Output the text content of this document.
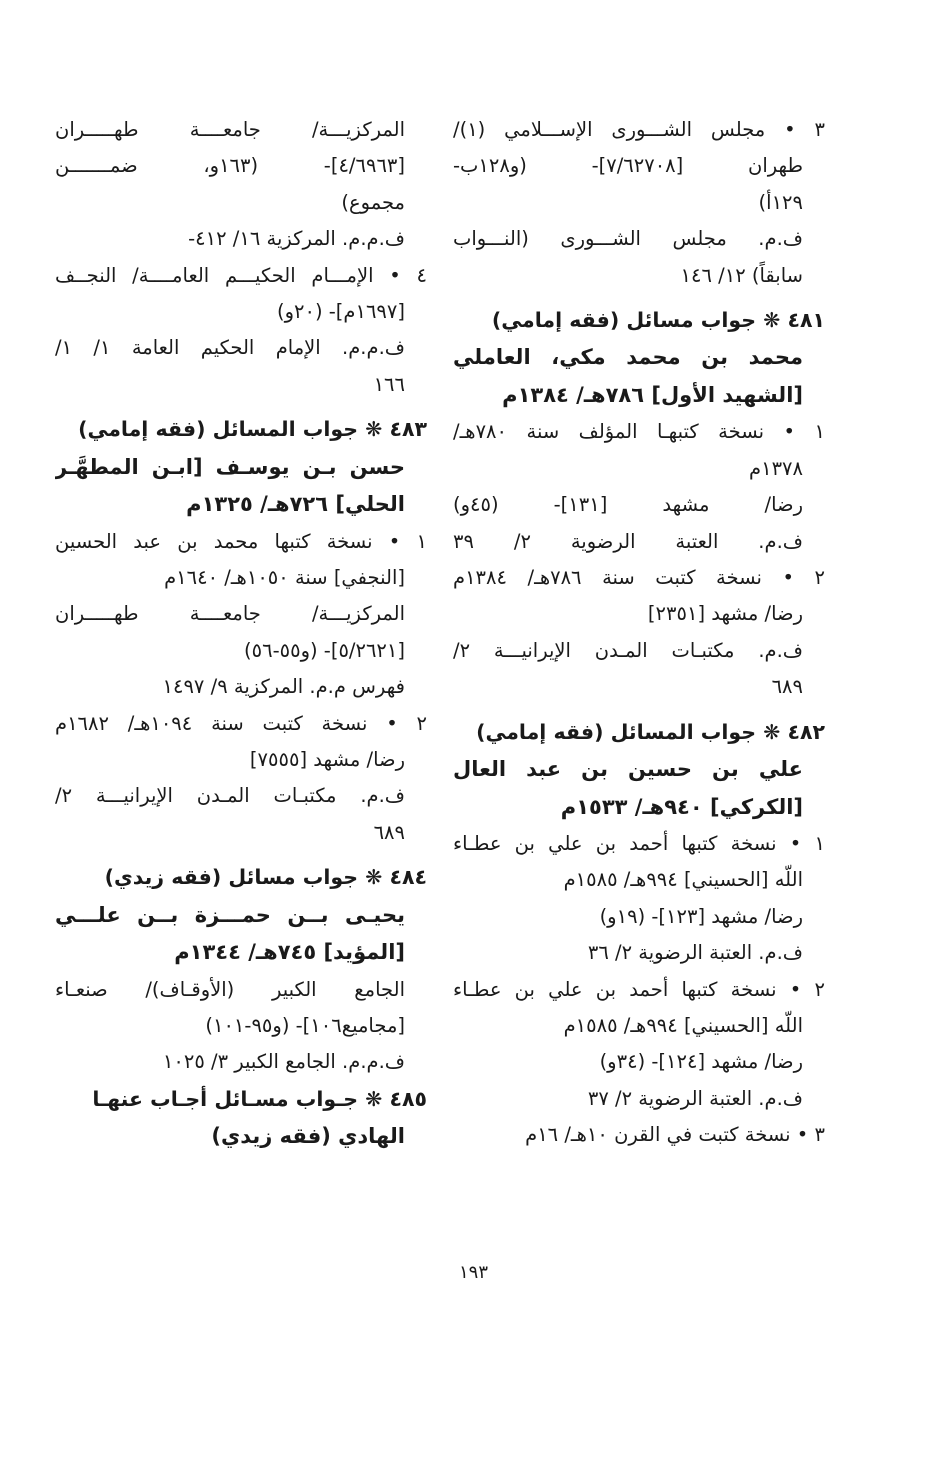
٣ • مجلس الشـــورى الإســـلامي (١)/
طهران [٧/٦٢٧٠٨]- (و١٢٨ب-
١٢٩أ)
ف.م. مجلس الشـــورى (النـــواب
سابقاً) ١٢/ ١٤٦
٤٨١ ❋ جواب مسائل (فقه إمامي)
محمد بن محمد مكي، العاملي
[الشهيد الأول] ٧٨٦هـ/ ١٣٨٤م
١ • نسخة كتبهـا المؤلف سنة ٧٨٠هـ/
١٣٧٨م
رضا/ مشهد [١٣١]- (٤٥و)
ف.م. العتبة الرضوية ٢/ ٣٩
٢ • نسخة كتبت سنة ٧٨٦هـ/ ١٣٨٤م
رضا/ مشهد [٢٣٥١]
ف.م. مكتبـات المـدن الإيرانيـــة ٢/
٦٨٩
٤٨٢ ❋ جواب المسائل (فقه إمامي)
علي بن حسين بن عبد العال
[الكركي] ٩٤٠هـ/ ١٥٣٣م
١ • نسخة كتبها أحمد بن علي بن عطـاء
اللّه [الحسيني] ٩٩٤هـ/ ١٥٨٥م
رضا/ مشهد [١٢٣]- (١٩و)
ف.م. العتبة الرضوية ٢/ ٣٦
٢ • نسخة كتبها أحمد بن علي بن عطـاء
اللّه [الحسيني] ٩٩٤هـ/ ١٥٨٥م
رضا/ مشهد [١٢٤]- (٣٤و)
ف.م. العتبة الرضوية ٢/ ٣٧
٣ • نسخة كتبت في القرن ١٠هـ/ ١٦م
المركزيـــة/ جامعــــة طهـــــران
[٤/٦٩٦٣]- (١٦٣و، ضمـــــــن
مجموع)
ف.م.م. المركزية ١٦/ ٤١٢-
٤ • الإمـــام الحكيـــم العامــــة/ النجــف
[١٦٩٧م]- (٢٠و)
ف.م.م. الإمام الحكيم العامة ١/ ١/
١٦٦
٤٨٣ ❋ جواب المسائل (فقه إمامي)
حسن بـن يوسـف [ابـن المطهَّـر
الحلي] ٧٢٦هـ/ ١٣٢٥م
١ • نسخة كتبها محمد بن عبد الحسين
[النجفي] سنة ١٠٥٠هـ/ ١٦٤٠م
المركزيـــة/ جامعــــة طهـــــران
[٥/٢٦٢١]- (و٥٥-٥٦)
فهرس م.م. المركزية ٩/ ١٤٩٧
٢ • نسخة كتبت سنة ١٠٩٤هـ/ ١٦٨٢م
رضا/ مشهد [٧٥٥٥]
ف.م. مكتبـات المـدن الإيرانيـــة ٢/
٦٨٩
٤٨٤ ❋ جواب مسائل (فقه زيدي)
يحيـى بــن حمـــزة بــن علـــي
[المؤيد] ٧٤٥هـ/ ١٣٤٤م
الجامع الكبير (الأوقـاف)/ صنعـاء
[مجاميع١٠٦]- (و٩٥-١٠١)
ف.م.م. الجامع الكبير ٣/ ١٠٢٥
٤٨٥ ❋ جـواب مسـائل أجـاب عنهـا
الهادي (فقه زيدي)
١٩٣
